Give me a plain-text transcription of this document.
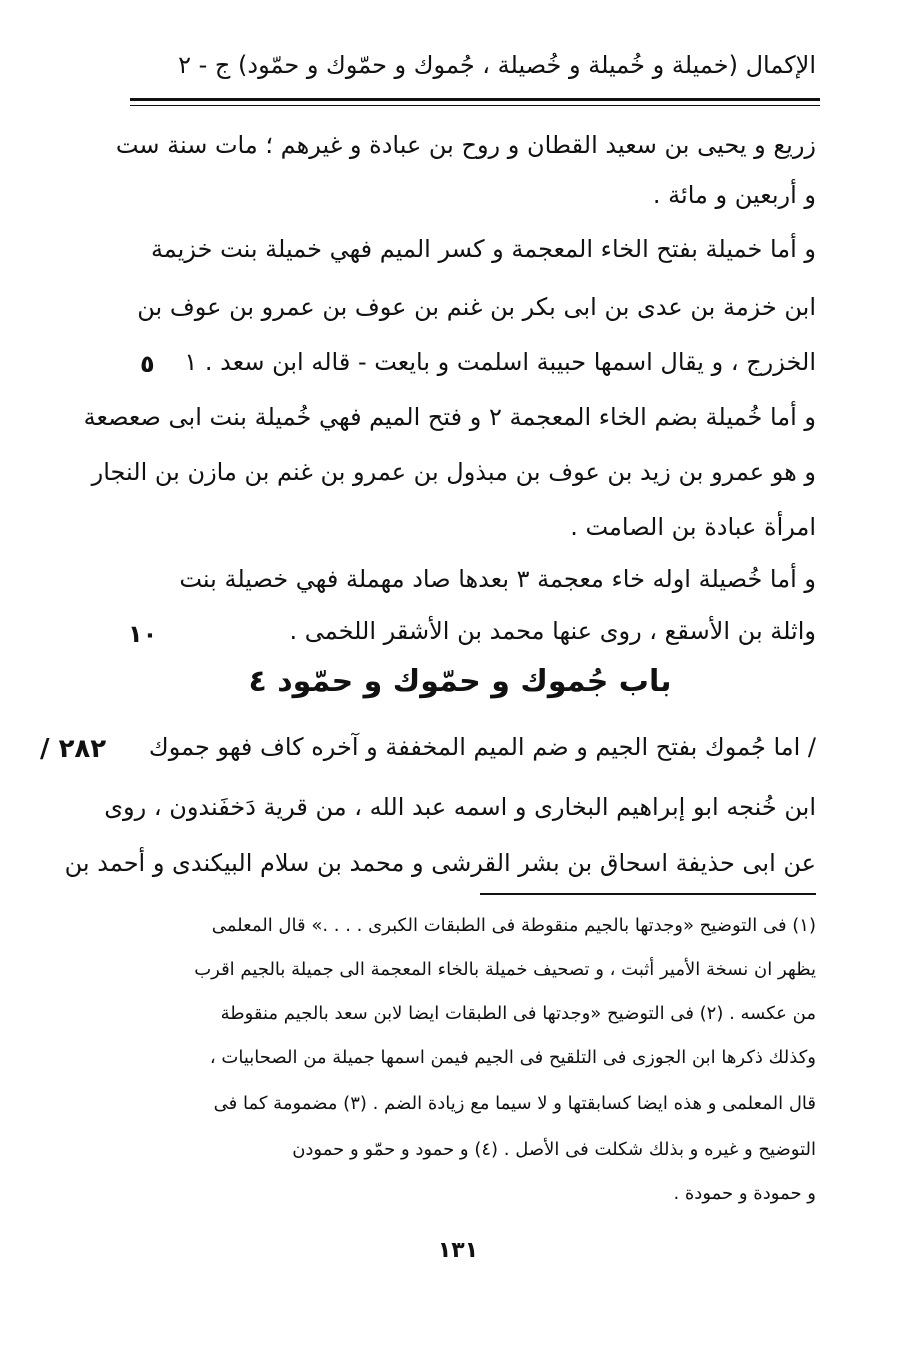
الإكمال (خميلة و خُميلة و خُصيلة ، جُموك و حمّوك و حمّود) ج - ٢
زريع و يحيى بن سعيد القطان و روح بن عبادة و غيرهم ؛ مات سنة ست
و أربعين و مائة .
و أما خميلة بفتح الخاء المعجمة و كسر الميم فهي خميلة بنت خزيمة
ابن خزمة بن عدى بن ابى بكر بن غنم بن عوف بن عمرو بن عوف بن
الخزرج ، و يقال اسمها حبيبة اسلمت و بايعت - قاله ابن سعد . ١
و أما خُميلة بضم الخاء المعجمة ٢ و فتح الميم فهي خُميلة بنت ابى صعصعة
و هو عمرو بن زيد بن عوف بن مبذول بن عمرو بن غنم بن مازن بن النجار
امرأة عبادة بن الصامت .
و أما خُصيلة اوله خاء معجمة ٣ بعدها صاد مهملة فهي خصيلة بنت
واثلة بن الأسقع ، روى عنها محمد بن الأشقر اللخمى .
٥
١٠
باب جُموك و حمّوك و حمّود ٤
٢٨٢ / / اما جُموك بفتح الجيم و ضم الميم المخففة و آخره كاف فهو جموك
ابن خُنجه ابو إبراهيم البخارى و اسمه عبد الله ، من قرية دَخفَندون ، روى
عن ابى حذيفة اسحاق بن بشر القرشى و محمد بن سلام البيكندى و أحمد بن
(١) فى التوضيح «وجدتها بالجيم منقوطة فى الطبقات الكبرى . . . .» قال المعلمى
يظهر ان نسخة الأمير أثبت ، و تصحيف خميلة بالخاء المعجمة الى جميلة بالجيم اقرب
من عكسه . (٢) فى التوضيح «وجدتها فى الطبقات ايضا لابن سعد بالجيم منقوطة
وكذلك ذكرها ابن الجوزى فى التلقيح فى الجيم فيمن اسمها جميلة من الصحابيات ،
قال المعلمى و هذه ايضا كسابقتها و لا سيما مع زيادة الضم . (٣) مضمومة كما فى
التوضيح و غيره و بذلك شكلت فى الأصل . (٤) و حمود و حمّو و حمودن
و حمودة و حمودة .
١٣١
